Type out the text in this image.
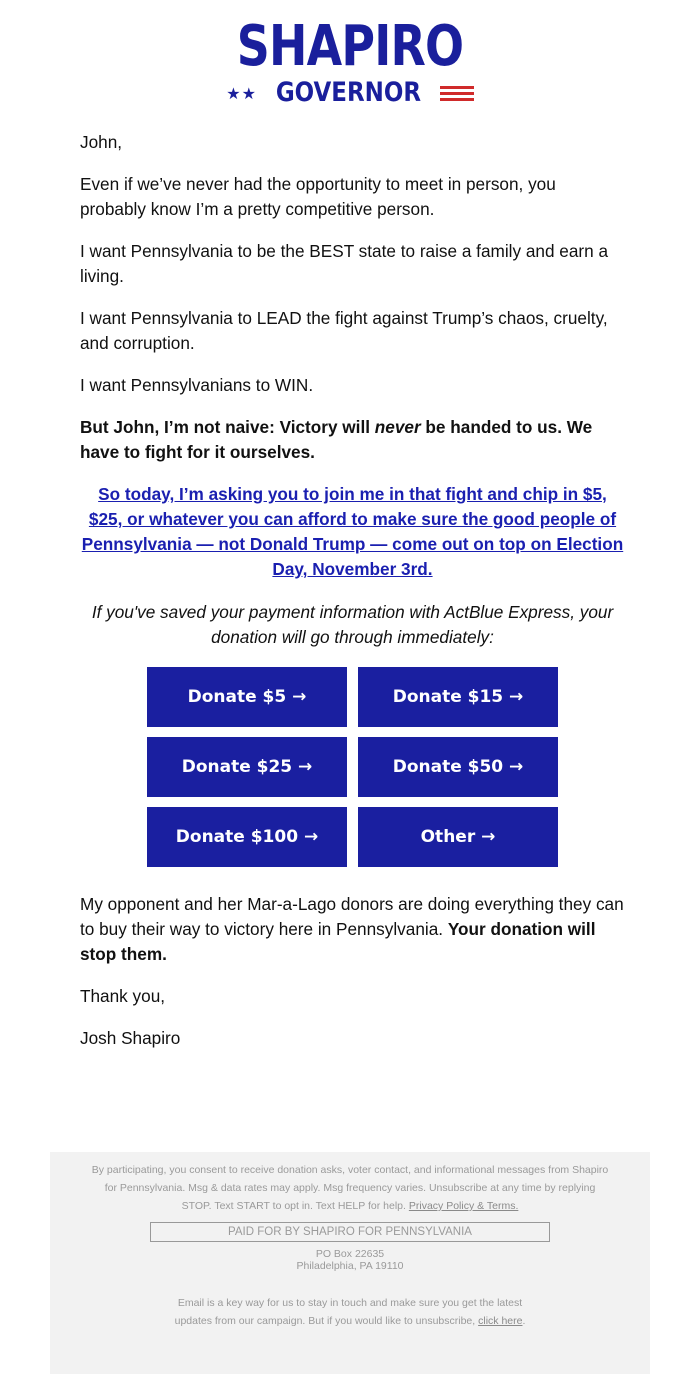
SHAPIRO
★★ GOVERNOR

John,

Even if we’ve never had the opportunity to meet in person, you probably know I’m a pretty competitive person.

I want Pennsylvania to be the BEST state to raise a family and earn a living.

I want Pennsylvania to LEAD the fight against Trump’s chaos, cruelty, and corruption.

I want Pennsylvanians to WIN.

But John, I’m not naive: Victory will never be handed to us. We have to fight for it ourselves.

So today, I’m asking you to join me in that fight and chip in $5, $25, or whatever you can afford to make sure the good people of Pennsylvania — not Donald Trump — come out on top on Election Day, November 3rd.

If you've saved your payment information with ActBlue Express, your donation will go through immediately:

Donate $5 →	Donate $15 →
Donate $25 →	Donate $50 →
Donate $100 →	Other →

My opponent and her Mar-a-Lago donors are doing everything they can to buy their way to victory here in Pennsylvania. Your donation will stop them.

Thank you,

Josh Shapiro

By participating, you consent to receive donation asks, voter contact, and informational messages from Shapiro for Pennsylvania. Msg & data rates may apply. Msg frequency varies. Unsubscribe at any time by replying STOP. Text START to opt in. Text HELP for help. Privacy Policy & Terms.
PAID FOR BY SHAPIRO FOR PENNSYLVANIA
PO Box 22635
Philadelphia, PA 19110
Email is a key way for us to stay in touch and make sure you get the latest updates from our campaign. But if you would like to unsubscribe, click here.
